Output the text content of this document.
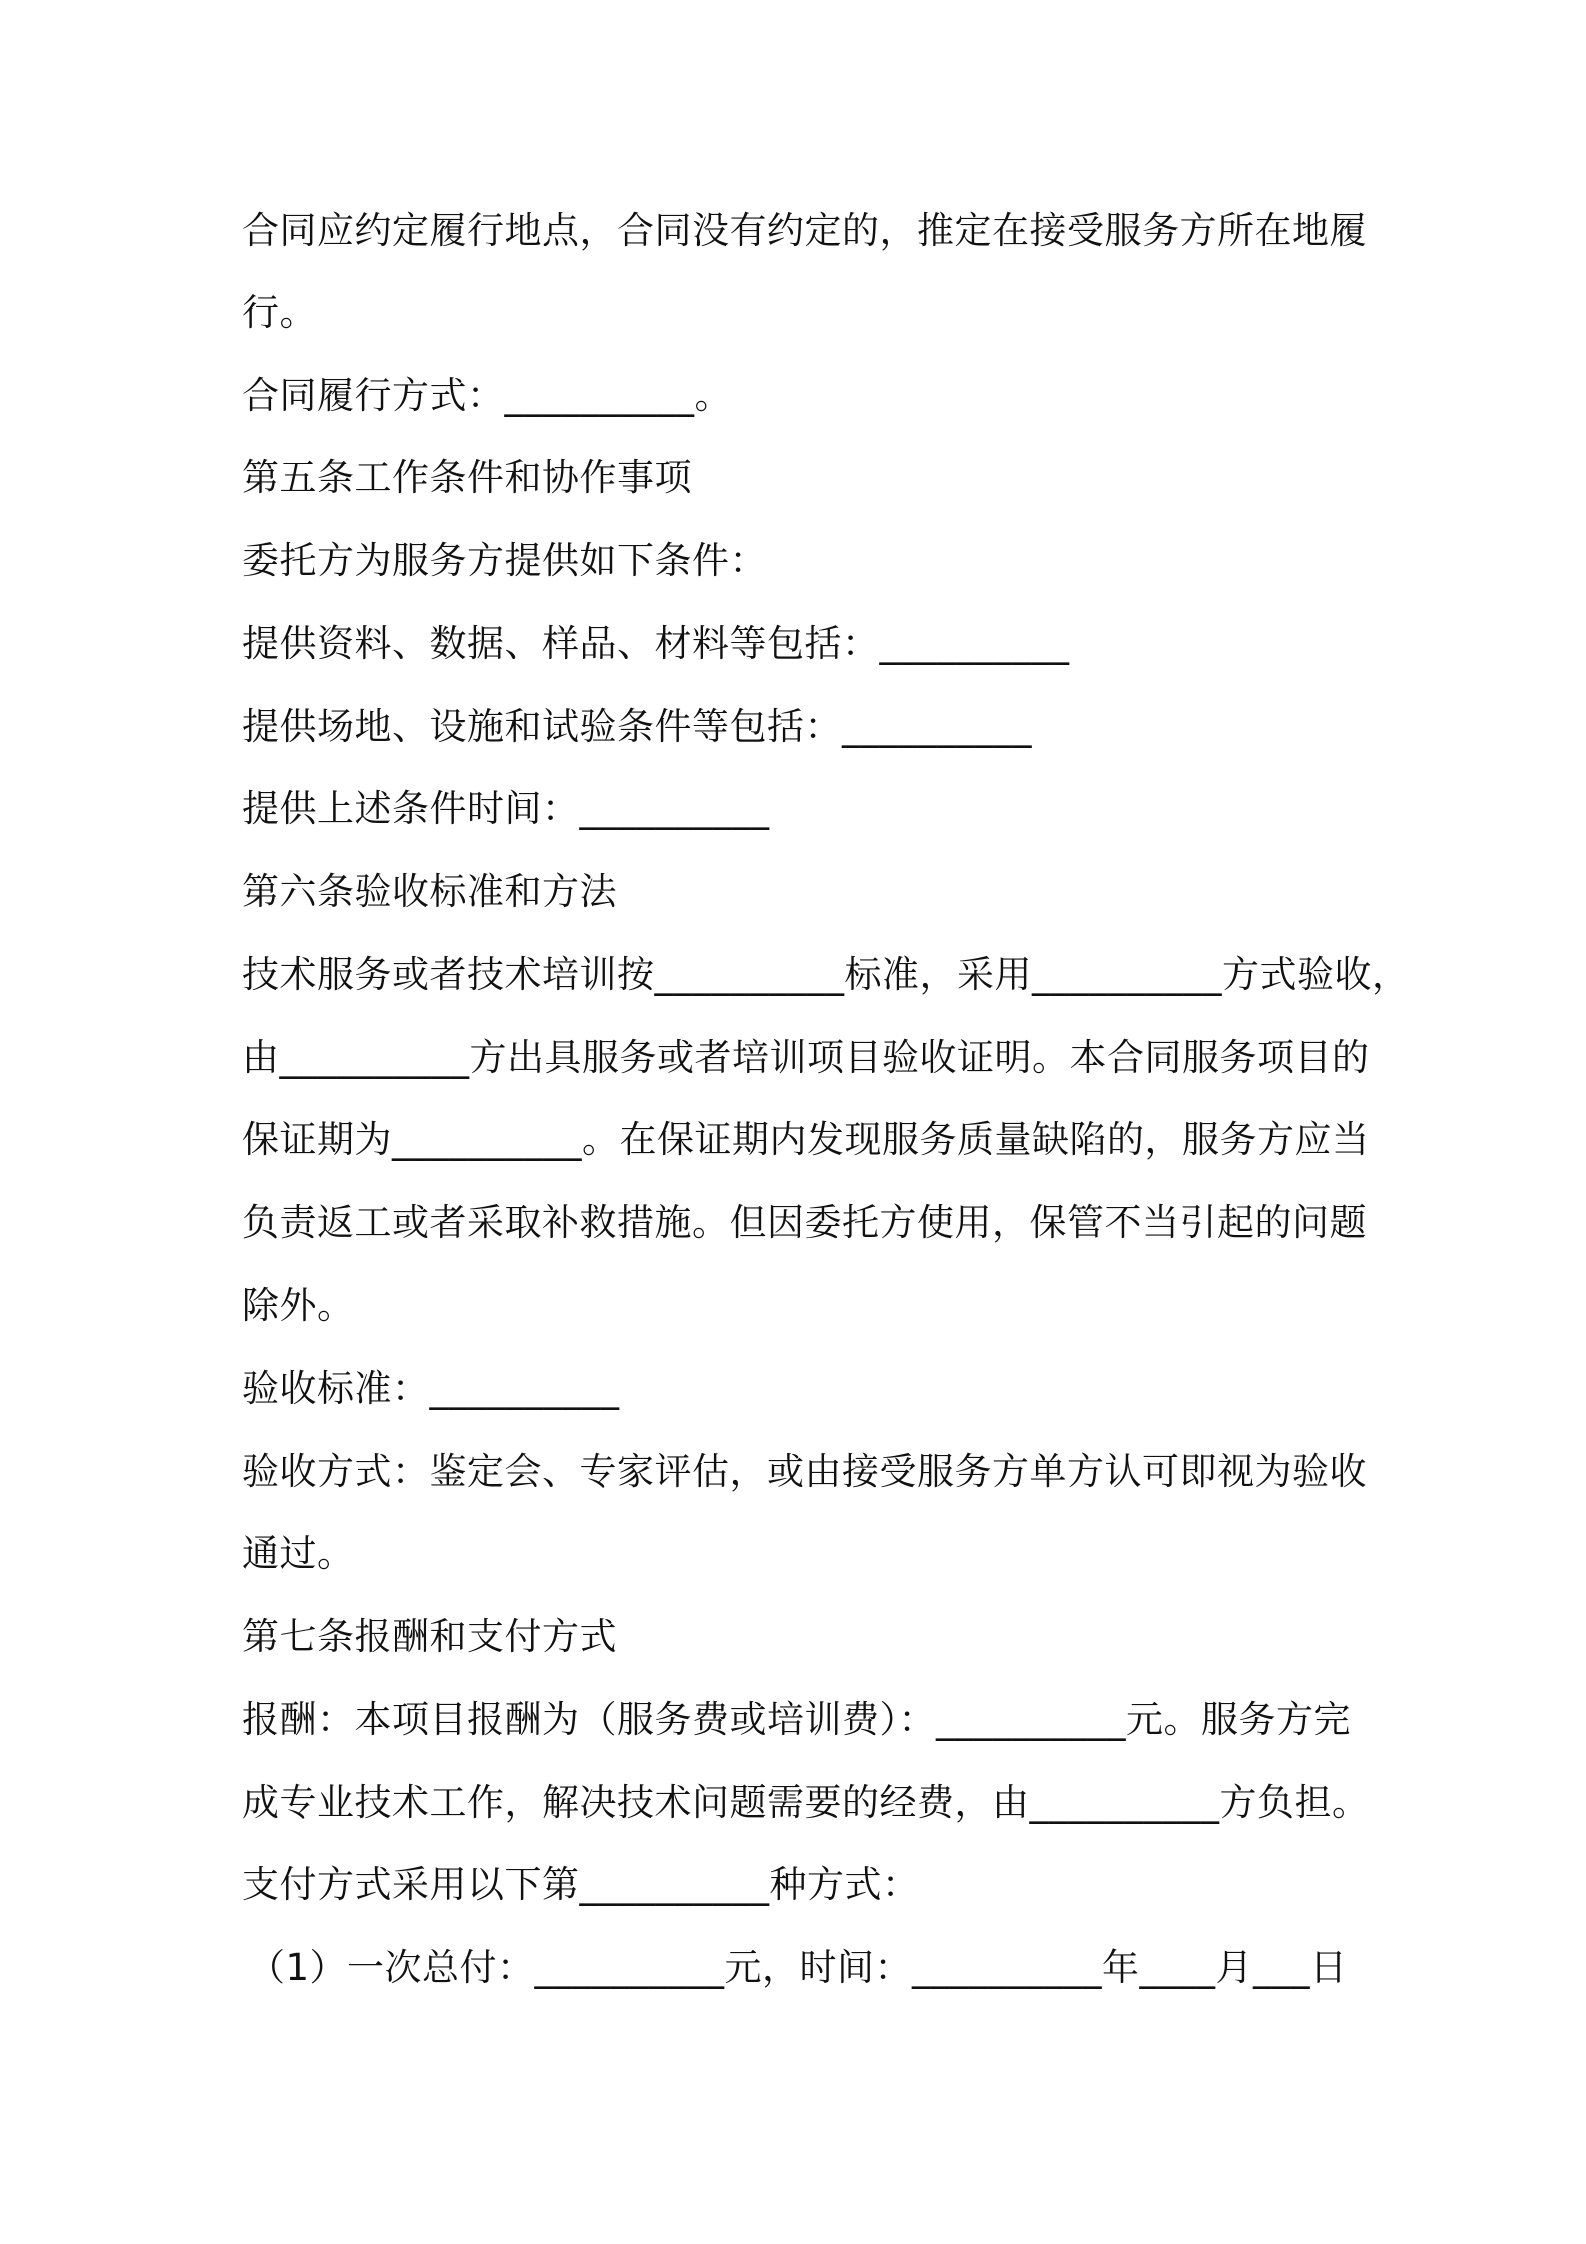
合同应约定履行地点，合同没有约定的，推定在接受服务方所在地履
行。
合同履行方式：__________。
第五条工作条件和协作事项
委托方为服务方提供如下条件：
提供资料、数据、样品、材料等包括：__________
提供场地、设施和试验条件等包括：__________
提供上述条件时间：__________
第六条验收标准和方法
技术服务或者技术培训按__________标准，采用__________方式验收，
由__________方出具服务或者培训项目验收证明。本合同服务项目的
保证期为__________。在保证期内发现服务质量缺陷的，服务方应当
负责返工或者采取补救措施。但因委托方使用，保管不当引起的问题
除外。
验收标准：__________
验收方式：鉴定会、专家评估，或由接受服务方单方认可即视为验收
通过。
第七条报酬和支付方式
报酬：本项目报酬为（服务费或培训费）：__________元。服务方完
成专业技术工作，解决技术问题需要的经费，由__________方负担。
支付方式采用以下第__________种方式：
（1）一次总付：__________元，时间：__________年____月___日
